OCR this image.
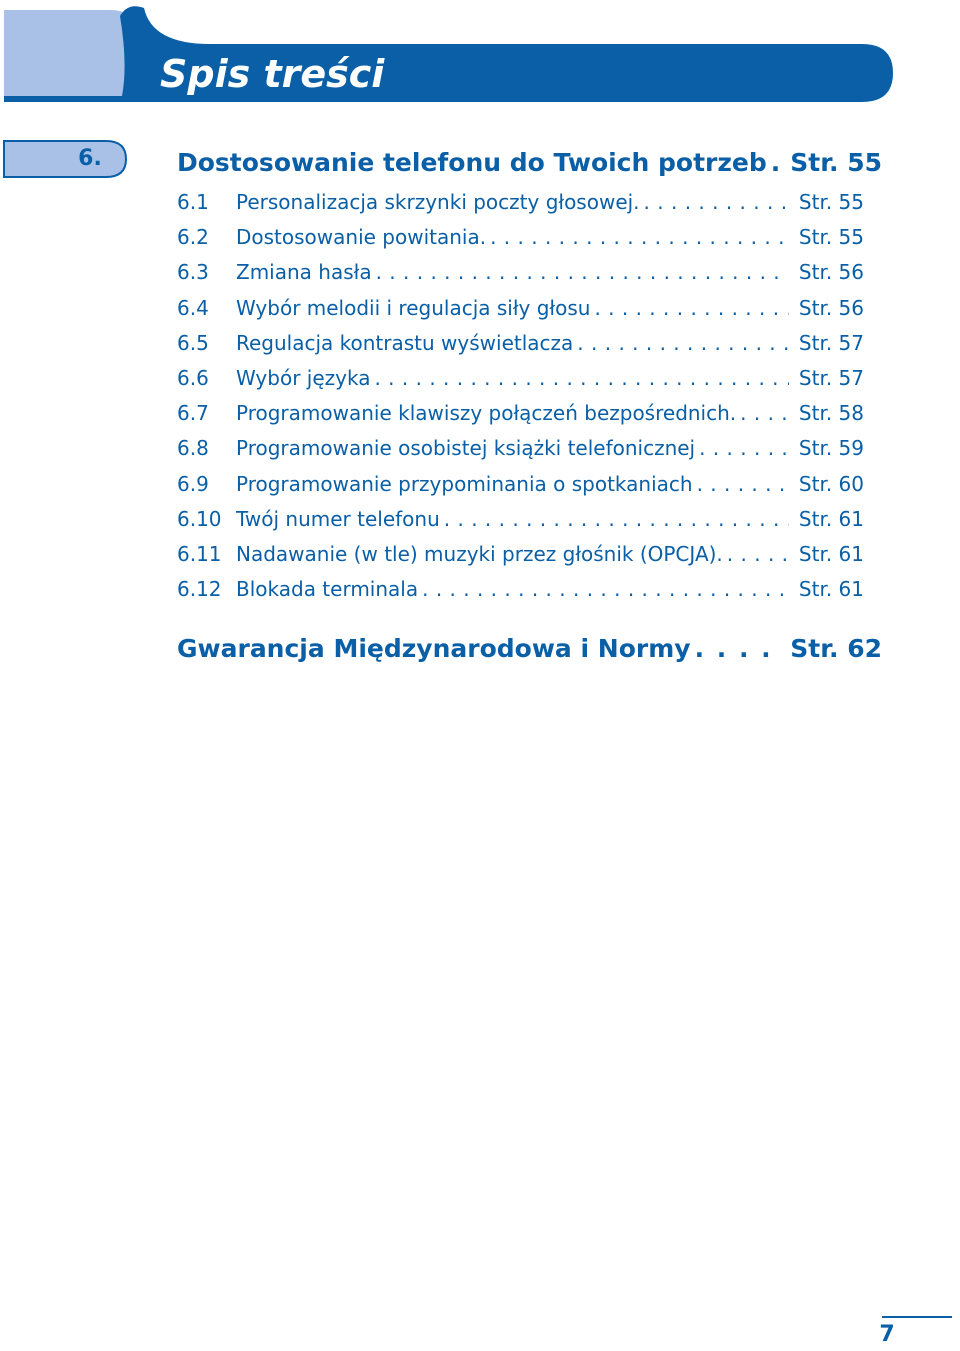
Spis treści
6.	Dostosowanie telefonu do Twoich potrzeb . . . Str. 55
6.1	Personalizacja skrzynki poczty głosowej. . . .	Str. 55
6.2	Dostosowanie powitania. . . .	Str. 55
6.3	Zmiana hasła . . .	Str. 56
6.4	Wybór melodii i regulacja siły głosu . . .	Str. 56
6.5	Regulacja kontrastu wyświetlacza . . .	Str. 57
6.6	Wybór języka . . .	Str. 57
6.7	Programowanie klawiszy połączeń bezpośrednich. . . .	Str. 58
6.8	Programowanie osobistej książki telefonicznej . . .	Str. 59
6.9	Programowanie przypominania o spotkaniach . . .	Str. 60
6.10 Twój numer telefonu . . .	Str. 61
6.11 Nadawanie (w tle) muzyki przez głośnik (OPCJA). . . .	Str. 61
6.12 Blokada terminala . . .	Str. 61
Gwarancja Międzynarodowa i Normy . . .	Str. 62
7
